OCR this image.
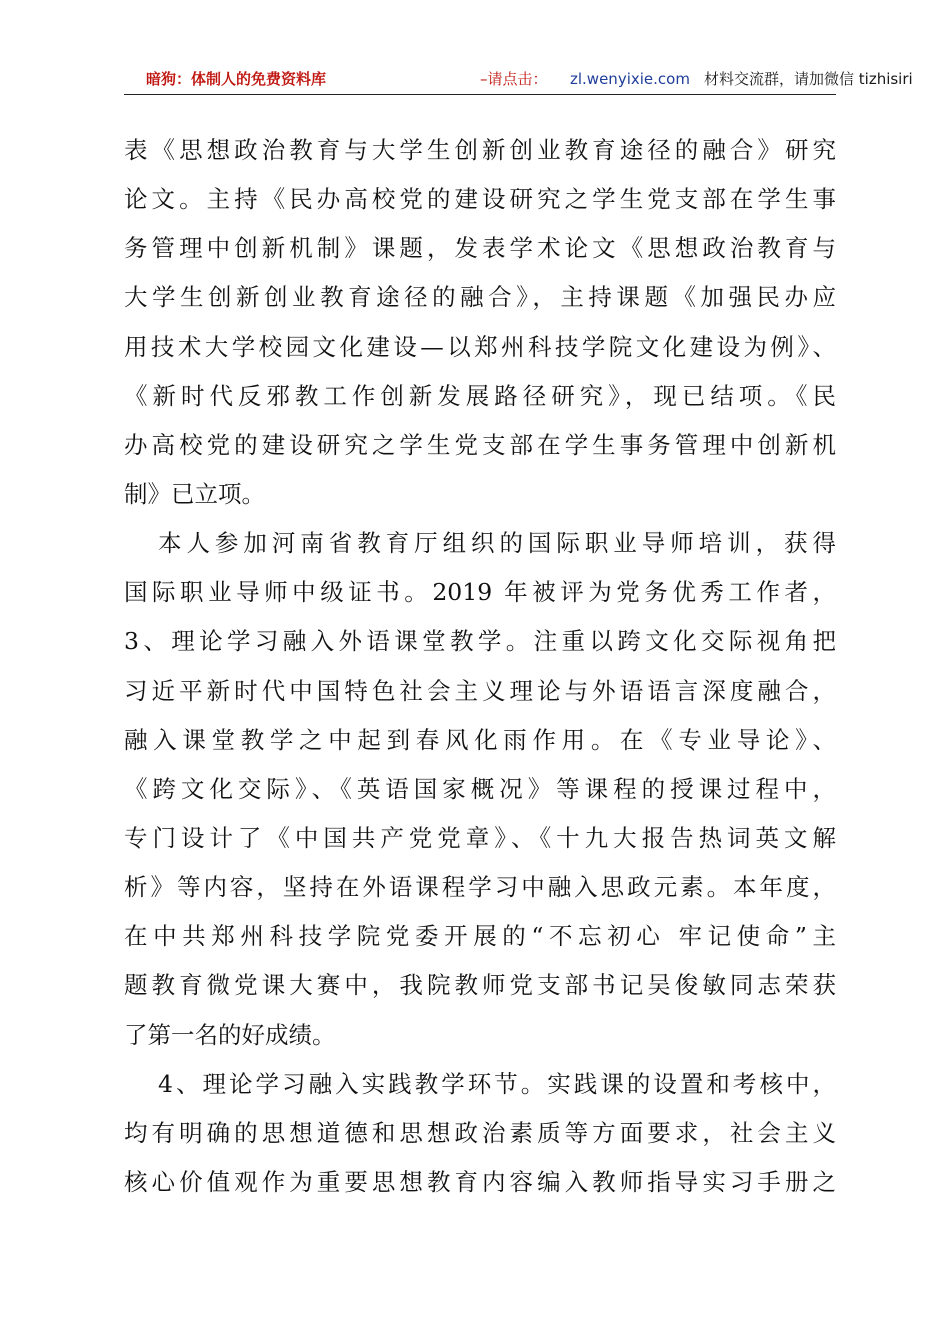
暗狗：体制人的免费资料库	–请点击： zl.wenyixie.com 材料交流群，请加微信 tizhisiri
表《思想政治教育与大学生创新创业教育途径的融合》研究
论文。主持《民办高校党的建设研究之学生党支部在学生事
务管理中创新机制》课题，发表学术论文《思想政治教育与
大学生创新创业教育途径的融合》，主持课题《加强民办应
用技术大学校园文化建设—以郑州科技学院文化建设为例》、
《新时代反邪教工作创新发展路径研究》，现已结项。《民
办高校党的建设研究之学生党支部在学生事务管理中创新机
制》已立项。
本人参加河南省教育厅组织的国际职业导师培训，获得
国际职业导师中级证书。2019 年被评为党务优秀工作者，
3、理论学习融入外语课堂教学。注重以跨文化交际视角把
习近平新时代中国特色社会主义理论与外语语言深度融合，
融入课堂教学之中起到春风化雨作用。在《专业导论》、
《跨文化交际》、《英语国家概况》等课程的授课过程中，
专门设计了《中国共产党党章》、《十九大报告热词英文解
析》等内容，坚持在外语课程学习中融入思政元素。本年度，
在中共郑州科技学院党委开展的“不忘初心 牢记使命”主
题教育微党课大赛中，我院教师党支部书记吴俊敏同志荣获
了第一名的好成绩。
4、理论学习融入实践教学环节。实践课的设置和考核中，
均有明确的思想道德和思想政治素质等方面要求，社会主义
核心价值观作为重要思想教育内容编入教师指导实习手册之
